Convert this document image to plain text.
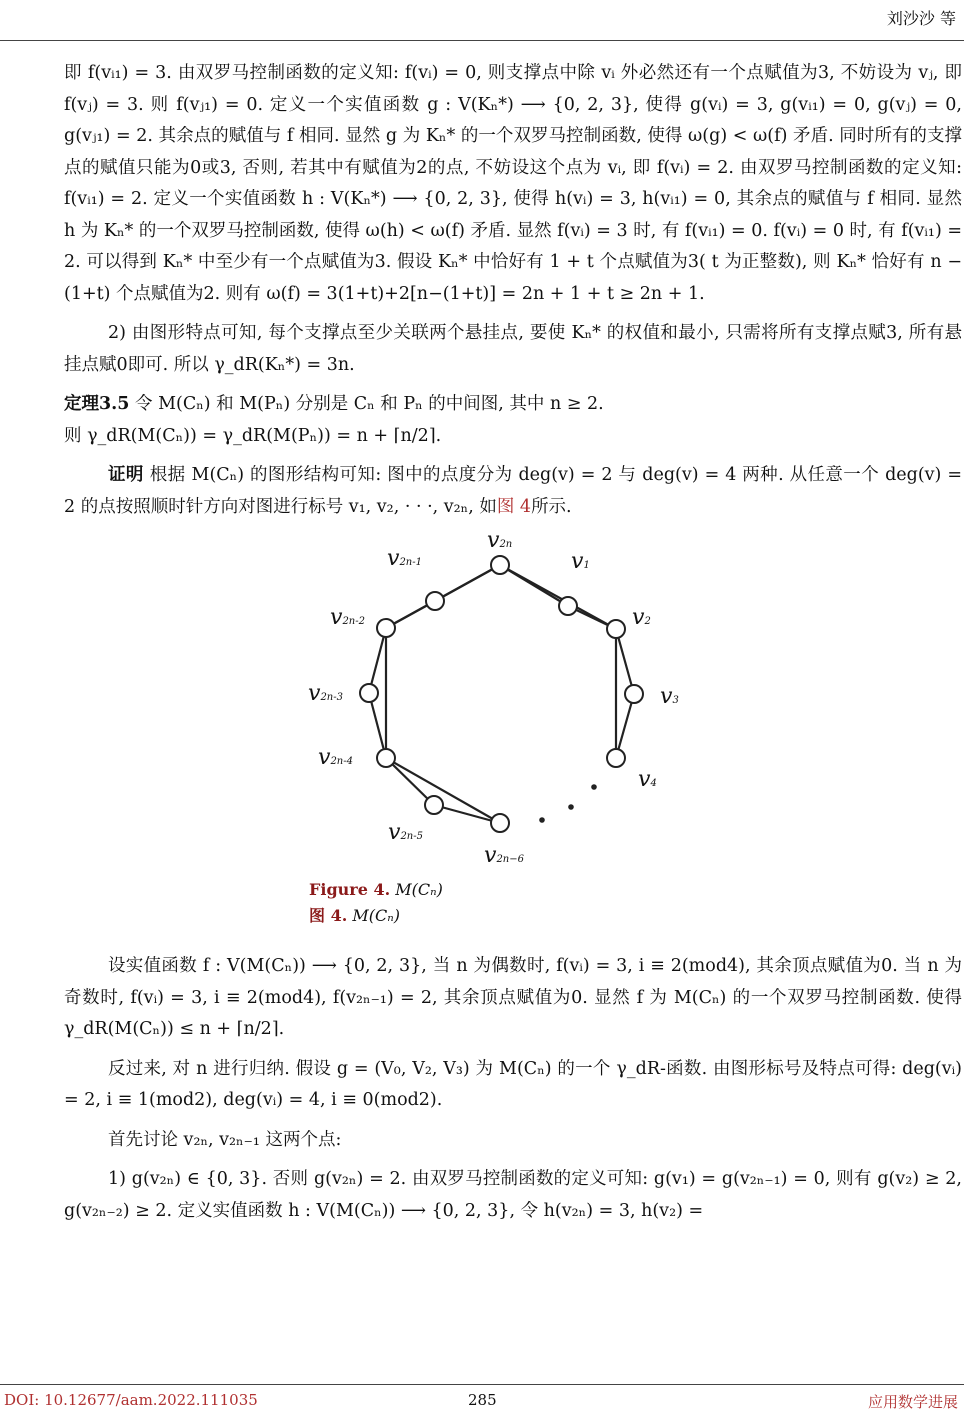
刘沙沙 等

即 f(vᵢ₁) = 3. 由双罗马控制函数的定义知: f(vᵢ) = 0, 则支撑点中除 vᵢ 外必然还有一个点赋值为3, 不妨设为 vⱼ, 即 f(vⱼ) = 3. 则 f(vⱼ₁) = 0. 定义一个实值函数 g : V(Kₙ*) ⟶ {0, 2, 3}, 使得 g(vᵢ) = 3, g(vᵢ₁) = 0, g(vⱼ) = 0, g(vⱼ₁) = 2. 其余点的赋值与 f 相同. 显然 g 为 Kₙ* 的一个双罗马控制函数, 使得 ω(g) < ω(f) 矛盾. 同时所有的支撑点的赋值只能为0或3, 否则, 若其中有赋值为2的点, 不妨设这个点为 vᵢ, 即 f(vᵢ) = 2. 由双罗马控制函数的定义知: f(vᵢ₁) = 2. 定义一个实值函数 h : V(Kₙ*) ⟶ {0, 2, 3}, 使得 h(vᵢ) = 3, h(vᵢ₁) = 0, 其余点的赋值与 f 相同. 显然 h 为 Kₙ* 的一个双罗马控制函数, 使得 ω(h) < ω(f) 矛盾. 显然 f(vᵢ) = 3 时, 有 f(vᵢ₁) = 0. f(vᵢ) = 0 时, 有 f(vᵢ₁) = 2. 可以得到 Kₙ* 中至少有一个点赋值为3. 假设 Kₙ* 中恰好有 1 + t 个点赋值为3( t 为正整数), 则 Kₙ* 恰好有 n − (1+t) 个点赋值为2. 则有 ω(f) = 3(1+t)+2[n−(1+t)] = 2n + 1 + t ≥ 2n + 1.

2) 由图形特点可知, 每个支撑点至少关联两个悬挂点, 要使 Kₙ* 的权值和最小, 只需将所有支撑点赋3, 所有悬挂点赋0即可. 所以 γ_dR(Kₙ*) = 3n.

定理3.5 令 M(Cₙ) 和 M(Pₙ) 分别是 Cₙ 和 Pₙ 的中间图, 其中 n ≥ 2.

则 γ_dR(M(Cₙ)) = γ_dR(M(Pₙ)) = n + ⌈n/2⌉.

证明 根据 M(Cₙ) 的图形结构可知: 图中的点度分为 deg(v) = 2 与 deg(v) = 4 两种. 从任意一个 deg(v) = 2 的点按照顺时针方向对图进行标号 v₁, v₂, · · ·, v₂ₙ, 如图 4所示.

v2n
v2n-1	v1
v2n-2	v2
v2n-3	v3
v2n-4
v4
v2n-5
v2n−6
Figure 4. M(Cₙ)
图 4. M(Cₙ)

设实值函数 f : V(M(Cₙ)) ⟶ {0, 2, 3}, 当 n 为偶数时, f(vᵢ) = 3, i ≡ 2(mod4), 其余顶点赋值为0. 当 n 为奇数时, f(vᵢ) = 3, i ≡ 2(mod4), f(v₂ₙ₋₁) = 2, 其余顶点赋值为0. 显然 f 为 M(Cₙ) 的一个双罗马控制函数. 使得 γ_dR(M(Cₙ)) ≤ n + ⌈n/2⌉.

反过来, 对 n 进行归纳. 假设 g = (V₀, V₂, V₃) 为 M(Cₙ) 的一个 γ_dR-函数. 由图形标号及特点可得: deg(vᵢ) = 2, i ≡ 1(mod2), deg(vᵢ) = 4, i ≡ 0(mod2).

首先讨论 v₂ₙ, v₂ₙ₋₁ 这两个点:

1) g(v₂ₙ) ∈ {0, 3}. 否则 g(v₂ₙ) = 2. 由双罗马控制函数的定义可知: g(v₁) = g(v₂ₙ₋₁) = 0, 则有 g(v₂) ≥ 2, g(v₂ₙ₋₂) ≥ 2. 定义实值函数 h : V(M(Cₙ)) ⟶ {0, 2, 3}, 令 h(v₂ₙ) = 3, h(v₂) =

DOI: 10.12677/aam.2022.111035	285	应用数学进展
